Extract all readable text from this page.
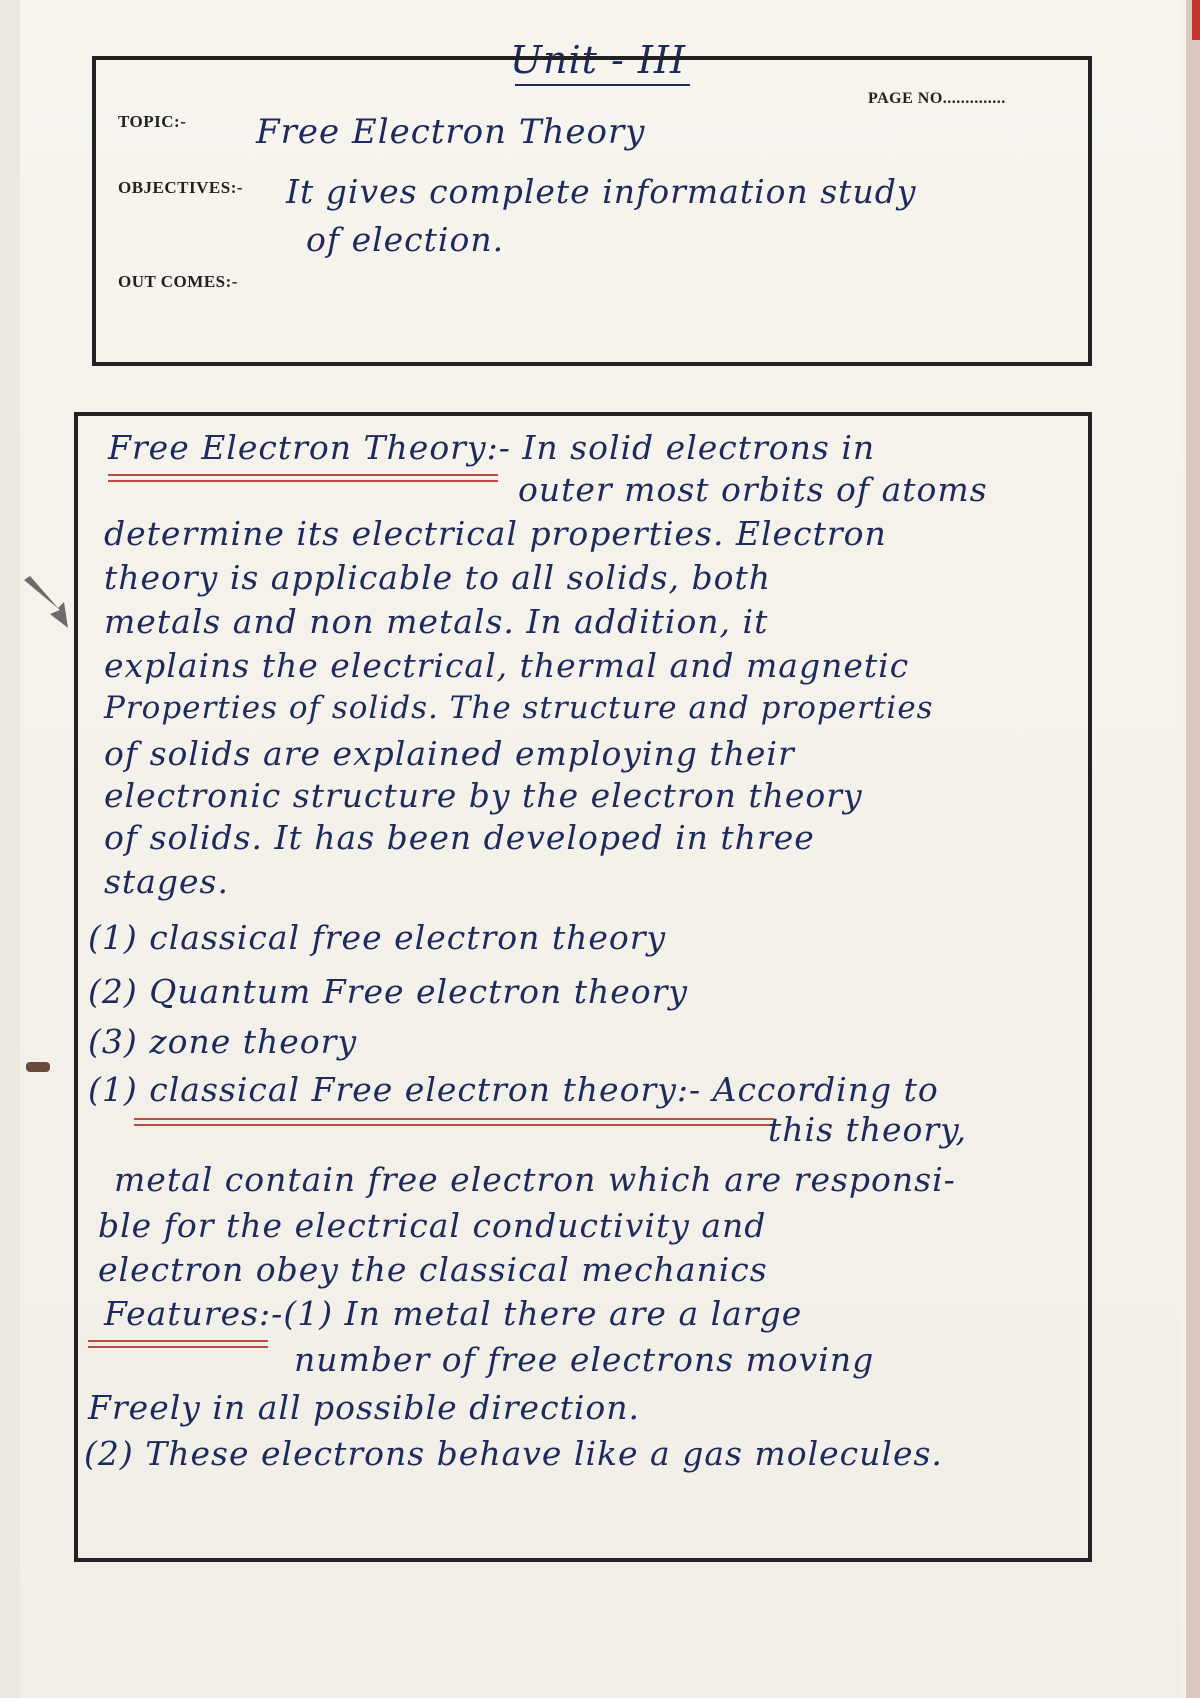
Unit - III
TOPIC:-
PAGE NO..............
Free Electron Theory
OBJECTIVES:- It gives complete information study
of election.
OUT COMES:-
Free Electron Theory:- In solid electrons in
outer most orbits of atoms
determine its electrical properties. Electron
theory is applicable to all solids, both
metals and non metals. In addition, it
explains the electrical, thermal and magnetic
Properties of solids. The structure and properties
of solids are explained employing their
electronic structure by the electron theory
of solids. It has been developed in three
stages.
(1) classical free electron theory
(2) Quantum Free electron theory
(3) zone theory
(1) classical Free electron theory:- According to
this theory,
metal contain free electron which are responsi-
ble for the electrical conductivity and
electron obey the classical mechanics
Features:-(1) In metal there are a large
number of free electrons moving
Freely in all possible direction.
(2) These electrons behave like a gas molecules.
